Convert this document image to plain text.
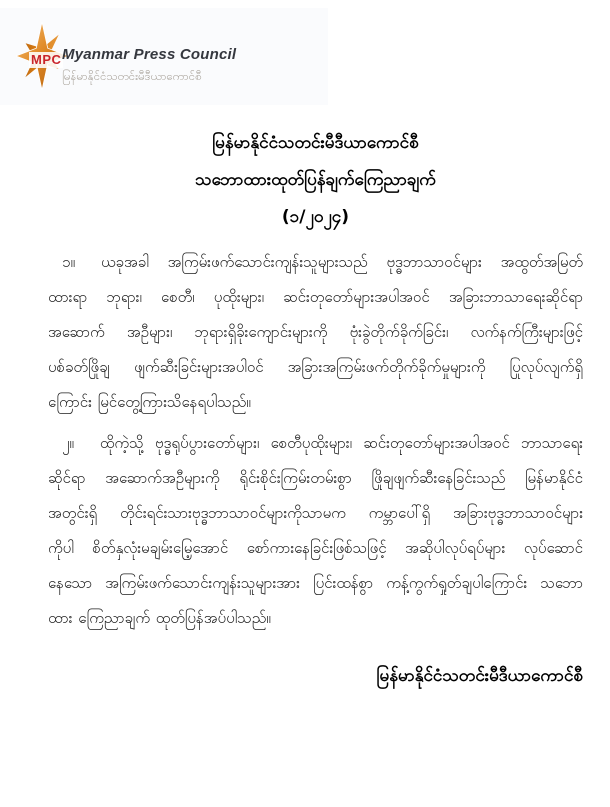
MPC Myanmar Press Council
မြန်မာနိုင်ငံသတင်းမီဒီယာကောင်စီ
မြန်မာနိုင်ငံသတင်းမီဒီယာကောင်စီ
သဘောထားထုတ်ပြန်ချက်ကြေညာချက်
(၁/၂၀၂၄)
၁။ ယခုအခါ အကြမ်းဖက်သောင်းကျန်းသူများသည် ဗုဒ္ဓဘာသာဝင်များ အထွတ်အမြတ်
ထားရာ ဘုရား၊ စေတီ၊ ပုထိုးများ၊ ဆင်းတုတော်များအပါအဝင် အခြားဘာသာရေးဆိုင်ရာ
အဆောက် အဦများ၊ ဘုရားရှိခိုးကျောင်းများကို ဗုံးခွဲတိုက်ခိုက်ခြင်း၊ လက်နက်ကြီးများဖြင့်
ပစ်ခတ်ဖြိုချ ဖျက်ဆီးခြင်းများအပါဝင် အခြားအကြမ်းဖက်တိုက်ခိုက်မှုများကို ပြုလုပ်လျက်ရှိ
ကြောင်း မြင်တွေ့ကြားသိနေရပါသည်။
၂။ ထိုကဲ့သို့ ဗုဒ္ဓရုပ်ပွားတော်များ၊ စေတီပုထိုးများ၊ ဆင်းတုတော်များအပါအဝင် ဘာသာရေး
ဆိုင်ရာ အဆောက်အဦများကို ရိုင်းစိုင်းကြမ်းတမ်းစွာ ဖြိုချဖျက်ဆီးနေခြင်းသည် မြန်မာနိုင်ငံ
အတွင်းရှိ တိုင်းရင်းသားဗုဒ္ဓဘာသာဝင်များကိုသာမက ကမ္ဘာပေါ်ရှိ အခြားဗုဒ္ဓဘာသာဝင်များ
ကိုပါ စိတ်နှလုံးမချမ်းမြေ့အောင် စော်ကားနေခြင်းဖြစ်သဖြင့် အဆိုပါလုပ်ရပ်များ လုပ်ဆောင်
နေသော အကြမ်းဖက်သောင်းကျန်းသူများအား ပြင်းထန်စွာ ကန့်ကွက်ရှုတ်ချပါကြောင်း သဘော
ထား ကြေညာချက် ထုတ်ပြန်အပ်ပါသည်။
မြန်မာနိုင်ငံသတင်းမီဒီယာကောင်စီ
